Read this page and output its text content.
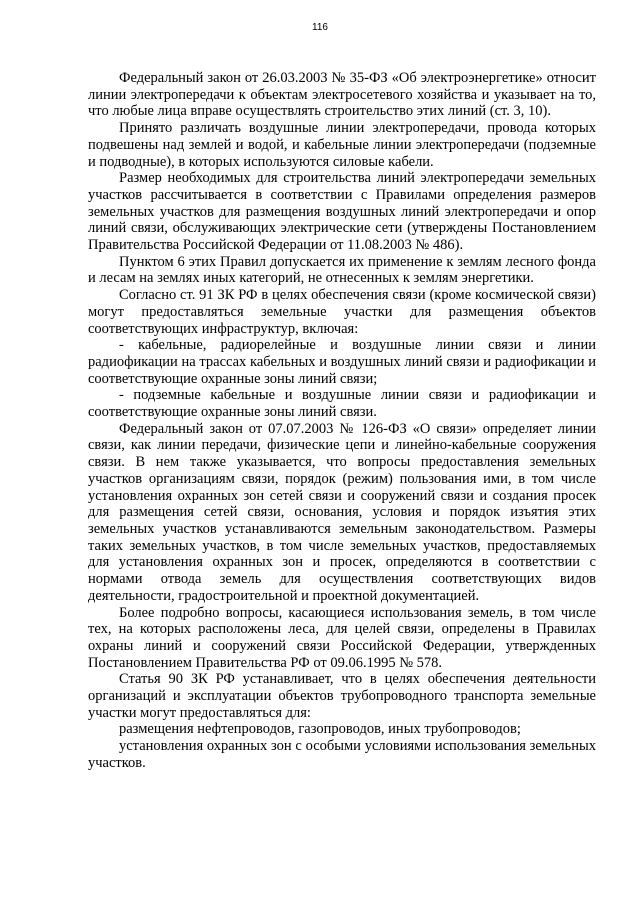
116

Федеральный закон от 26.03.2003 № 35-ФЗ «Об электроэнергетике» относит линии электропередачи к объектам электросетевого хозяйства и указывает на то, что любые лица вправе осуществлять строительство этих линий (ст. 3, 10).

Принято различать воздушные линии электропередачи, провода которых подвешены над землей и водой, и кабельные линии электропередачи (подземные и подводные), в которых используются силовые кабели.

Размер необходимых для строительства линий электропередачи земельных участков рассчитывается в соответствии с Правилами определения размеров земельных участков для размещения воздушных линий электропередачи и опор линий связи, обслуживающих электрические сети (утверждены Постановлением Правительства Российской Федерации от 11.08.2003 № 486).

Пунктом 6 этих Правил допускается их применение к землям лесного фонда и лесам на землях иных категорий, не отнесенных к землям энергетики.

Согласно ст. 91 ЗК РФ в целях обеспечения связи (кроме космической связи) могут предоставляться земельные участки для размещения объектов соответствующих инфраструктур, включая:

- кабельные, радиорелейные и воздушные линии связи и линии радиофикации на трассах кабельных и воздушных линий связи и радиофикации и соответствующие охранные зоны линий связи;

- подземные кабельные и воздушные линии связи и радиофикации и соответствующие охранные зоны линий связи.

Федеральный закон от 07.07.2003 № 126-ФЗ «О связи» определяет линии связи, как линии передачи, физические цепи и линейно-кабельные сооружения связи. В нем также указывается, что вопросы предоставления земельных участков организациям связи, порядок (режим) пользования ими, в том числе установления охранных зон сетей связи и сооружений связи и создания просек для размещения сетей связи, основания, условия и порядок изъятия этих земельных участков устанавливаются земельным законодательством. Размеры таких земельных участков, в том числе земельных участков, предоставляемых для установления охранных зон и просек, определяются в соответствии с нормами отвода земель для осуществления соответствующих видов деятельности, градостроительной и проектной документацией.

Более подробно вопросы, касающиеся использования земель, в том числе тех, на которых расположены леса, для целей связи, определены в Правилах охраны линий и сооружений связи Российской Федерации, утвержденных Постановлением Правительства РФ от 09.06.1995 № 578.

Статья 90 ЗК РФ устанавливает, что в целях обеспечения деятельности организаций и эксплуатации объектов трубопроводного транспорта земельные участки могут предоставляться для:

размещения нефтепроводов, газопроводов, иных трубопроводов;

установления охранных зон с особыми условиями использования земельных участков.
